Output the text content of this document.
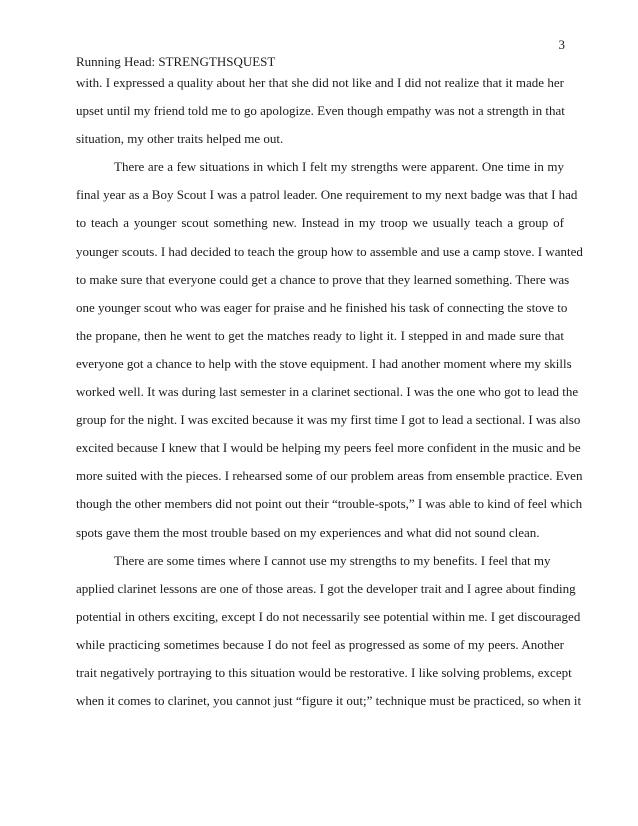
3
Running Head: STRENGTHSQUEST
with. I expressed a quality about her that she did not like and I did not realize that it made her
upset until my friend told me to go apologize. Even though empathy was not a strength in that
situation, my other traits helped me out.
There are a few situations in which I felt my strengths were apparent. One time in my
final year as a Boy Scout I was a patrol leader. One requirement to my next badge was that I had
to teach a younger scout something new. Instead in my troop we usually teach a group of
younger scouts. I had decided to teach the group how to assemble and use a camp stove. I wanted
to make sure that everyone could get a chance to prove that they learned something. There was
one younger scout who was eager for praise and he finished his task of connecting the stove to
the propane, then he went to get the matches ready to light it. I stepped in and made sure that
everyone got a chance to help with the stove equipment. I had another moment where my skills
worked well. It was during last semester in a clarinet sectional. I was the one who got to lead the
group for the night. I was excited because it was my first time I got to lead a sectional. I was also
excited because I knew that I would be helping my peers feel more confident in the music and be
more suited with the pieces. I rehearsed some of our problem areas from ensemble practice. Even
though the other members did not point out their “trouble-spots,” I was able to kind of feel which
spots gave them the most trouble based on my experiences and what did not sound clean.
There are some times where I cannot use my strengths to my benefits. I feel that my
applied clarinet lessons are one of those areas. I got the developer trait and I agree about finding
potential in others exciting, except I do not necessarily see potential within me. I get discouraged
while practicing sometimes because I do not feel as progressed as some of my peers. Another
trait negatively portraying to this situation would be restorative. I like solving problems, except
when it comes to clarinet, you cannot just “figure it out;” technique must be practiced, so when it
